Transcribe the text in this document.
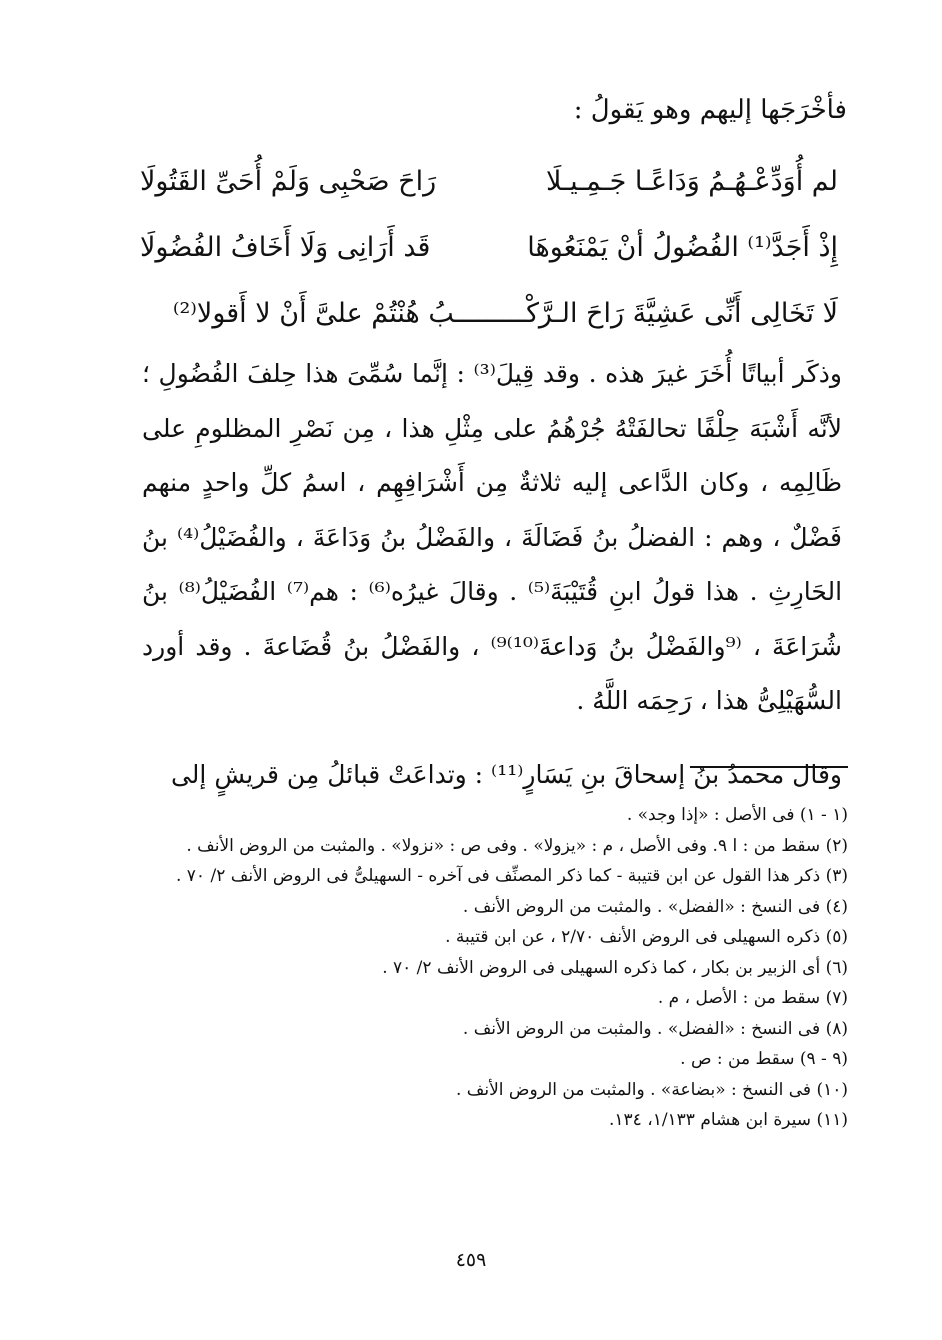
فأخْرَجَها إليهم وهو يَقولُ :
رَاحَ صَحْبِى وَلَمْ أُحَىِّ القَتُولَا	لم أُوَدِّعْـهُـمُ وَدَاعًـا جَـمِـيـلَا
قَد أَرَانِى وَلَا أَخَافُ الفُضُولَا	إِذْ أَجَدَّ⁽¹⁾ الفُضُولُ أنْ يَمْنَعُوهَا
لَا تَخَالِى أَنِّى عَشِيَّةَ رَاحَ الـرَّكْـــــــــبُ هُنْتُمْ علىَّ أَنْ لا أَقولا⁽²⁾

وذكَر أبياتًا أُخَرَ غيرَ هذه . وقد قِيلَ⁽³⁾ : إنَّما سُمِّىَ هذا حِلفَ الفُضُولِ ؛ لأنَّه أَشْبَهَ حِلْفًا تحالفَتْهُ جُرْهُمُ على مِثْلِ هذا ، مِن نَصْرِ المظلومِ على ظَالِمِه ، وكان الدَّاعى إليه ثلاثةٌ مِن أَشْرَافِهِم ، اسمُ كلِّ واحدٍ منهم فَضْلٌ ، وهم : الفضلُ بنُ فَضَالَةَ ، والفَضْلُ بنُ وَدَاعَةَ ، والفُضَيْلُ⁽⁴⁾ بنُ الحَارِثِ . هذا قولُ ابنِ قُتَيْبَةَ⁽⁵⁾ . وقالَ غيرُه⁽⁶⁾ : هم⁽⁷⁾ الفُضَيْلُ⁽⁸⁾ بنُ شُرَاعَةَ ، ⁽⁹والفَضْلُ بنُ وَداعةَ⁽¹⁰⁾⁹⁾ ، والفَضْلُ بنُ قُضَاعةَ . وقد أورد السُّهَيْلِىُّ هذا ، رَحِمَه اللَّهُ .

وقال محمدُ بنُ إسحاقَ بنِ يَسَارٍ⁽¹¹⁾ : وتداعَتْ قبائلُ مِن قريشٍ إلى

(١ - ١) فى الأصل : «إذا وجد» .
(٢) سقط من : ا ٩. وفى الأصل ، م : «يزولا» . وفى ص : «نزولا» . والمثبت من الروض الأنف .
(٣) ذكر هذا القول عن ابن قتيبة - كما ذكر المصنِّف فى آخره - السهيلىُّ فى الروض الأنف ٢/ ٧٠ .
(٤) فى النسخ : «الفضل» . والمثبت من الروض الأنف .
(٥) ذكره السهيلى فى الروض الأنف ٢/٧٠ ، عن ابن قتيبة .
(٦) أى الزبير بن بكار ، كما ذكره السهيلى فى الروض الأنف ٢/ ٧٠ .
(٧) سقط من : الأصل ، م .
(٨) فى النسخ : «الفضل» . والمثبت من الروض الأنف .
(٩ - ٩) سقط من : ص .
(١٠) فى النسخ : «بضاعة» . والمثبت من الروض الأنف .
(١١) سيرة ابن هشام ١/١٣٣، ١٣٤.
٤٥٩
